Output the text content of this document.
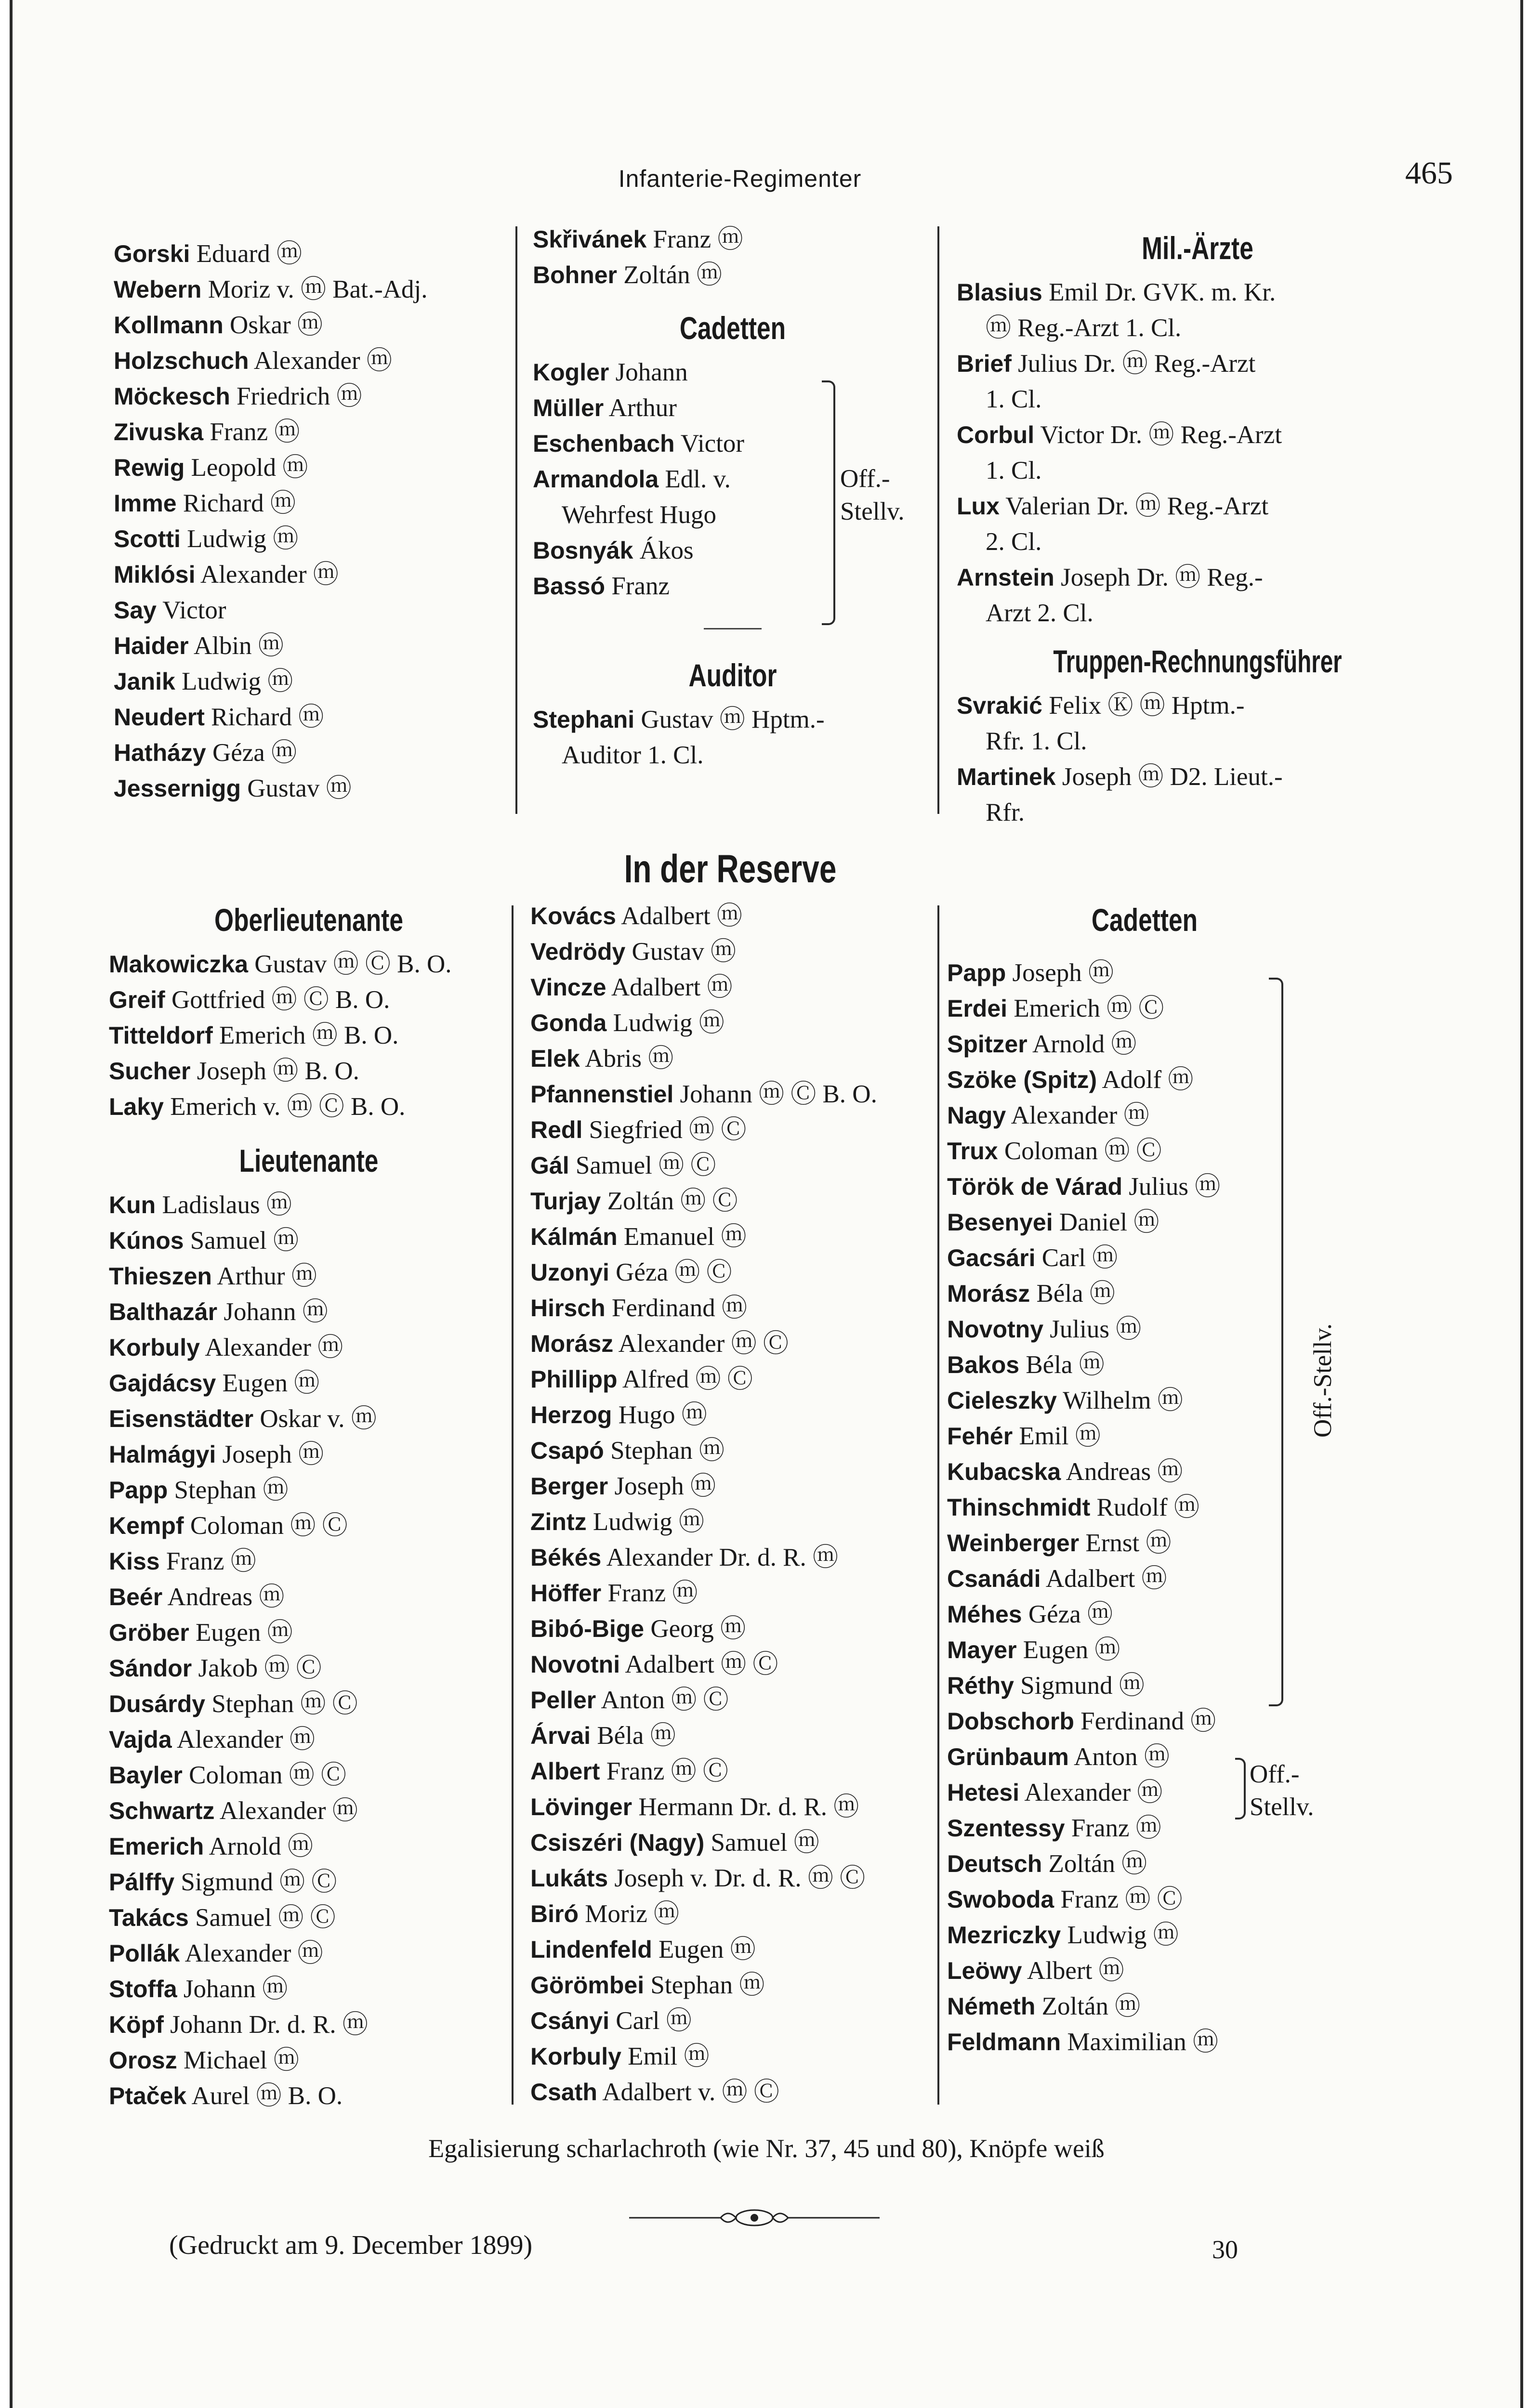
Infanterie-Regimenter	465
Gorski Eduard ⓜ
Webern Moriz v. ⓜ Bat.-Adj.
Kollmann Oskar ⓜ
Holzschuch Alexander ⓜ
Möckesch Friedrich ⓜ
Zivuska Franz ⓜ
Rewig Leopold ⓜ
Imme Richard ⓜ
Scotti Ludwig ⓜ
Miklósi Alexander ⓜ
Say Victor
Haider Albin ⓜ
Janik Ludwig ⓜ
Neudert Richard ⓜ
Hatházy Géza ⓜ
Jessernigg Gustav ⓜ
Skřivánek Franz ⓜ
Bohner Zoltán ⓜ
Cadetten
Kogler Johann
Müller Arthur
Eschenbach Victor
Armandola Edl. v.
Wehrfest Hugo
Bosnyák Ákos
Bassó Franz
Auditor
Stephani Gustav ⓜ Hptm.-
Auditor 1. Cl.
Off.-
Stellv.
Mil.-Ärzte
Blasius Emil Dr. GVK. m. Kr.
ⓜ Reg.-Arzt 1. Cl.
Brief Julius Dr. ⓜ Reg.-Arzt
1. Cl.
Corbul Victor Dr. ⓜ Reg.-Arzt
1. Cl.
Lux Valerian Dr. ⓜ Reg.-Arzt
2. Cl.
Arnstein Joseph Dr. ⓜ Reg.-
Arzt 2. Cl.
Truppen-Rechnungsführer
Svrakić Felix Ⓚ ⓜ Hptm.-
Rfr. 1. Cl.
Martinek Joseph ⓜ D2. Lieut.-
Rfr.
In der Reserve
Oberlieutenante
Makowiczka Gustav ⓜ Ⓒ B. O.
Greif Gottfried ⓜ Ⓒ B. O.
Titteldorf Emerich ⓜ B. O.
Sucher Joseph ⓜ B. O.
Laky Emerich v. ⓜ Ⓒ B. O.
Lieutenante
Kun Ladislaus ⓜ
Kúnos Samuel ⓜ
Thieszen Arthur ⓜ
Balthazár Johann ⓜ
Korbuly Alexander ⓜ
Gajdácsy Eugen ⓜ
Eisenstädter Oskar v. ⓜ
Halmágyi Joseph ⓜ
Papp Stephan ⓜ
Kempf Coloman ⓜ Ⓒ
Kiss Franz ⓜ
Beér Andreas ⓜ
Gröber Eugen ⓜ
Sándor Jakob ⓜ Ⓒ
Dusárdy Stephan ⓜ Ⓒ
Vajda Alexander ⓜ
Bayler Coloman ⓜ Ⓒ
Schwartz Alexander ⓜ
Emerich Arnold ⓜ
Pálffy Sigmund ⓜ Ⓒ
Takács Samuel ⓜ Ⓒ
Pollák Alexander ⓜ
Stoffa Johann ⓜ
Köpf Johann Dr. d. R. ⓜ
Orosz Michael ⓜ
Ptaček Aurel ⓜ B. O.
Kovács Adalbert ⓜ
Vedrödy Gustav ⓜ
Vincze Adalbert ⓜ
Gonda Ludwig ⓜ
Elek Abris ⓜ
Pfannenstiel Johann ⓜ Ⓒ B. O.
Redl Siegfried ⓜ Ⓒ
Gál Samuel ⓜ Ⓒ
Turjay Zoltán ⓜ Ⓒ
Kálmán Emanuel ⓜ
Uzonyi Géza ⓜ Ⓒ
Hirsch Ferdinand ⓜ
Morász Alexander ⓜ Ⓒ
Phillipp Alfred ⓜ Ⓒ
Herzog Hugo ⓜ
Csapó Stephan ⓜ
Berger Joseph ⓜ
Zintz Ludwig ⓜ
Békés Alexander Dr. d. R. ⓜ
Höffer Franz ⓜ
Bibó-Bige Georg ⓜ
Novotni Adalbert ⓜ Ⓒ
Peller Anton ⓜ Ⓒ
Árvai Béla ⓜ
Albert Franz ⓜ Ⓒ
Lövinger Hermann Dr. d. R. ⓜ
Csiszéri (Nagy) Samuel ⓜ
Lukáts Joseph v. Dr. d. R. ⓜ Ⓒ
Biró Moriz ⓜ
Lindenfeld Eugen ⓜ
Görömbei Stephan ⓜ
Csányi Carl ⓜ
Korbuly Emil ⓜ
Csath Adalbert v. ⓜ Ⓒ
Cadetten
Papp Joseph ⓜ
Erdei Emerich ⓜ Ⓒ
Spitzer Arnold ⓜ
Szöke (Spitz) Adolf ⓜ
Nagy Alexander ⓜ
Trux Coloman ⓜ Ⓒ
Török de Várad Julius ⓜ
Besenyei Daniel ⓜ
Gacsári Carl ⓜ
Morász Béla ⓜ
Novotny Julius ⓜ
Bakos Béla ⓜ
Cieleszky Wilhelm ⓜ
Fehér Emil ⓜ
Kubacska Andreas ⓜ
Thinschmidt Rudolf ⓜ
Weinberger Ernst ⓜ
Csanádi Adalbert ⓜ
Méhes Géza ⓜ
Mayer Eugen ⓜ
Réthy Sigmund ⓜ
Dobschorb Ferdinand ⓜ
Grünbaum Anton ⓜ
Hetesi Alexander ⓜ
Szentessy Franz ⓜ
Deutsch Zoltán ⓜ
Swoboda Franz ⓜ Ⓒ
Mezriczky Ludwig ⓜ
Leöwy Albert ⓜ
Németh Zoltán ⓜ
Feldmann Maximilian ⓜ
Off.-Stellv.
Off.-
Stellv.
Egalisierung scharlachroth (wie Nr. 37, 45 und 80), Knöpfe weiß
(Gedruckt am 9. December 1899)	30
